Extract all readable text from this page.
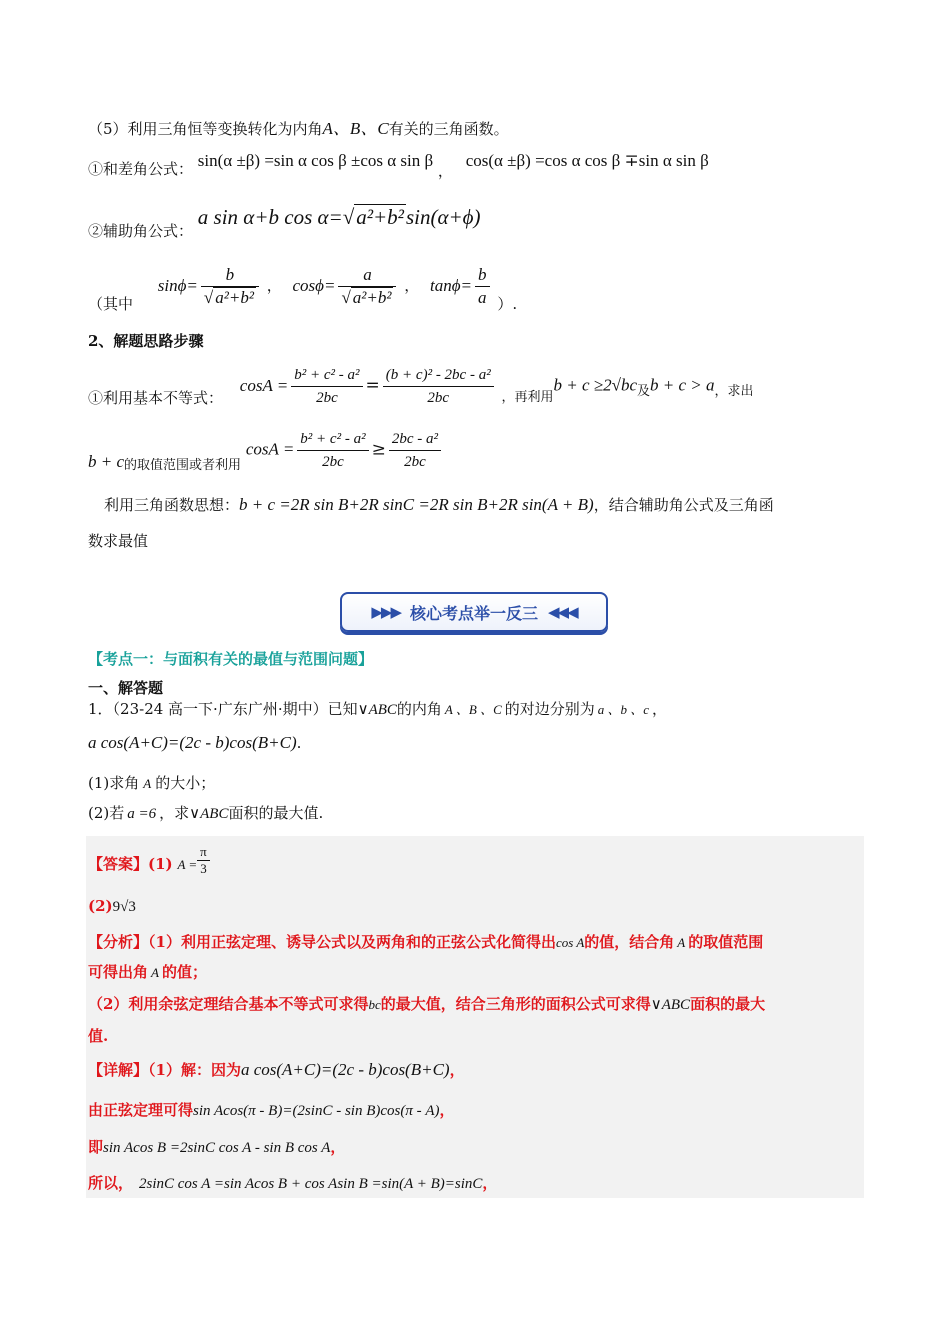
（5）利用三角恒等变换转化为内角A、B、C有关的三角函数。
①和差角公式： sin(α ±β) =sin α cos β ±cos α sin β ， cos(α ±β) =cos α cos β ∓sin α sin β
②辅助角公式： a sin α+b cos α=√a²+b²sin(α+ϕ)
（其中 $\sin\phi= \frac{b}{\text{√ a²+b²}}$ ， $\cos\phi= \frac{a}{\text{√ a²+b²}}$ ， $\tan\phi= \frac{b}{a}$ ）.
2、解题思路步骤
①利用基本不等式： $\cos A = \frac{\text{b² + c² - a²}}{2bc} = \frac{\text{(b + c)² - 2bc - a²}}{2bc}$ ，再利用b + c ≥2√bc及b + c > a，求出
b + c的取值范围或者利用 $\cos A = \frac{\text{b² + c² - a²}}{2bc} \ge \frac{\text{2bc - a²}}{2bc}$
利用三角函数思想：b + c =2R sin B+2R sinC =2R sin B+2R sin(A + B)，结合辅助角公式及三角函
数求最值
▶▶▶ 核心考点举一反三 ◀◀◀
【考点一：与面积有关的最值与范围问题】
一、解答题
1．（23-24 高一下·广东广州·期中）已知∨ABC的内角 A 、B 、C 的对边分别为 a 、b 、c ，
a cos(A+C)=(2c - b)cos(B+C).
(1)求角 A 的大小；
(2)若 a =6 ，求∨ABC面积的最大值.
【答案】(1) $A = \frac{\pi}{3}$
(2)9√3
【分析】（1）利用正弦定理、诱导公式以及两角和的正弦公式化简得出cos A的值，结合角 A 的取值范围
可得出角 A 的值；
（2）利用余弦定理结合基本不等式可求得bc的最大值，结合三角形的面积公式可求得∨ABC面积的最大
值.
【详解】（1）解：因为a cos(A+C)=(2c - b)cos(B+C)，
由正弦定理可得sin Acos(π - B)=(2sinC - sin B)cos(π - A)，
即sin Acos B =2sinC cos A - sin B cos A，
所以， 2sinC cos A =sin Acos B + cos Asin B =sin(A + B)=sinC，
